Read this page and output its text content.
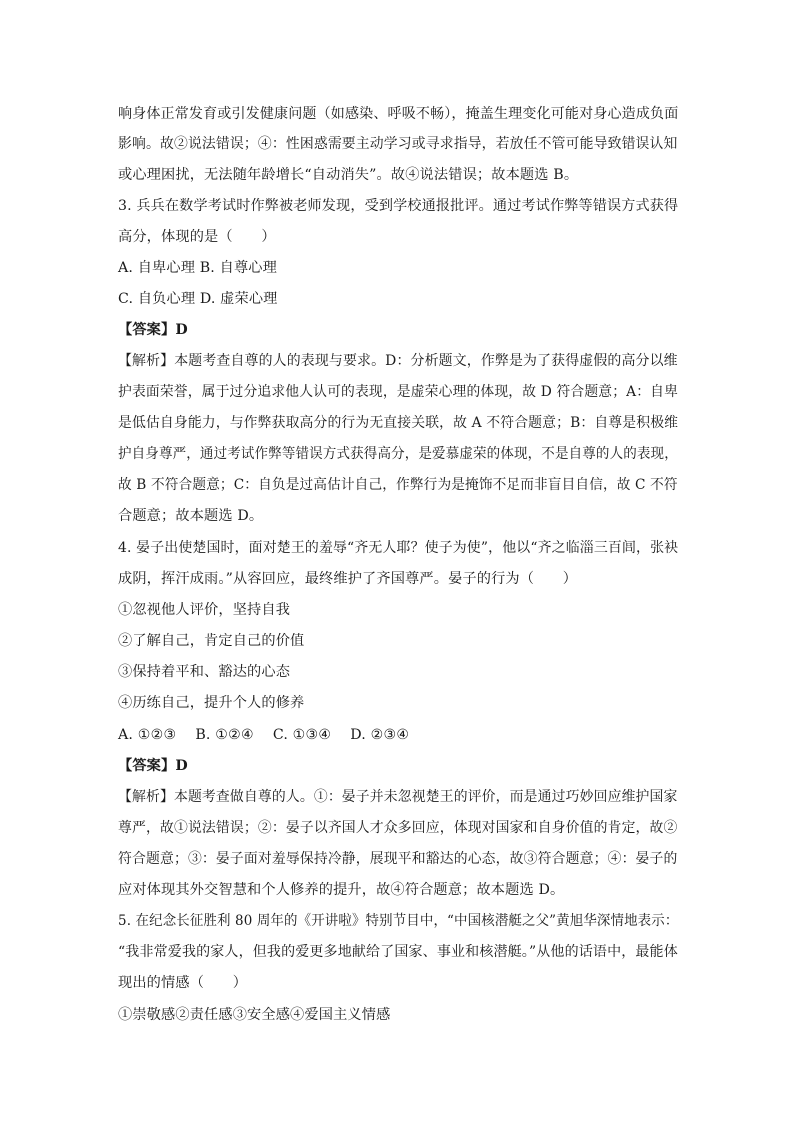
响身体正常发育或引发健康问题（如感染、呼吸不畅），掩盖生理变化可能对身心造成负面
影响。故②说法错误；④：性困惑需要主动学习或寻求指导，若放任不管可能导致错误认知
或心理困扰，无法随年龄增长“自动消失”。故④说法错误；故本题选 B。
3. 兵兵在数学考试时作弊被老师发现，受到学校通报批评。通过考试作弊等错误方式获得
高分，体现的是（　　）
A. 自卑心理 B. 自尊心理
C. 自负心理 D. 虚荣心理
【答案】D
【解析】本题考查自尊的人的表现与要求。D：分析题文，作弊是为了获得虚假的高分以维
护表面荣誉，属于过分追求他人认可的表现，是虚荣心理的体现，故 D 符合题意；A：自卑
是低估自身能力，与作弊获取高分的行为无直接关联，故 A 不符合题意；B：自尊是积极维
护自身尊严，通过考试作弊等错误方式获得高分，是爱慕虚荣的体现，不是自尊的人的表现，
故 B 不符合题意；C：自负是过高估计自己，作弊行为是掩饰不足而非盲目自信，故 C 不符
合题意；故本题选 D。
4. 晏子出使楚国时，面对楚王的羞辱“齐无人耶？使子为使”，他以“齐之临淄三百闾，张袂
成阴，挥汗成雨。”从容回应，最终维护了齐国尊严。晏子的行为（　　）
①忽视他人评价，坚持自我
②了解自己，肯定自己的价值
③保持着平和、豁达的心态
④历练自己，提升个人的修养
A. ①②③　 B. ①②④　 C. ①③④　 D. ②③④
【答案】D
【解析】本题考查做自尊的人。①：晏子并未忽视楚王的评价，而是通过巧妙回应维护国家
尊严，故①说法错误；②：晏子以齐国人才众多回应，体现对国家和自身价值的肯定，故②
符合题意；③：晏子面对羞辱保持冷静，展现平和豁达的心态，故③符合题意；④：晏子的
应对体现其外交智慧和个人修养的提升，故④符合题意；故本题选 D。
5. 在纪念长征胜利 80 周年的《开讲啦》特别节目中，“中国核潜艇之父”黄旭华深情地表示：
“我非常爱我的家人，但我的爱更多地献给了国家、事业和核潜艇。”从他的话语中，最能体
现出的情感（　　）
①崇敬感②责任感③安全感④爱国主义情感
